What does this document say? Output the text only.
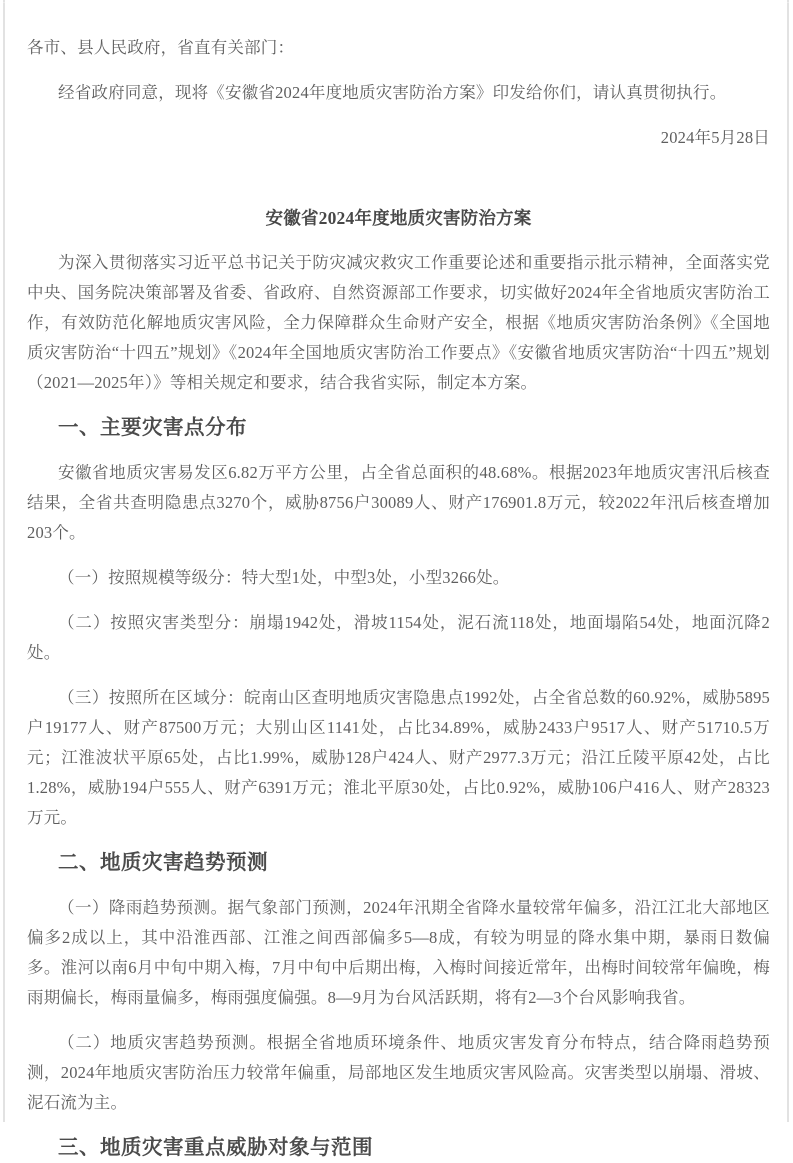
各市、县人民政府，省直有关部门：

经省政府同意，现将《安徽省2024年度地质灾害防治方案》印发给你们，请认真贯彻执行。

2024年5月28日

安徽省2024年度地质灾害防治方案

为深入贯彻落实习近平总书记关于防灾减灾救灾工作重要论述和重要指示批示精神，全面落实党中央、国务院决策部署及省委、省政府、自然资源部工作要求，切实做好2024年全省地质灾害防治工作，有效防范化解地质灾害风险，全力保障群众生命财产安全，根据《地质灾害防治条例》《全国地质灾害防治“十四五”规划》《2024年全国地质灾害防治工作要点》《安徽省地质灾害防治“十四五”规划（2021—2025年）》等相关规定和要求，结合我省实际，制定本方案。

一、主要灾害点分布

安徽省地质灾害易发区6.82万平方公里，占全省总面积的48.68%。根据2023年地质灾害汛后核查结果，全省共查明隐患点3270个，威胁8756户30089人、财产176901.8万元，较2022年汛后核查增加203个。

（一）按照规模等级分：特大型1处，中型3处，小型3266处。

（二）按照灾害类型分：崩塌1942处，滑坡1154处，泥石流118处，地面塌陷54处，地面沉降2处。

（三）按照所在区域分：皖南山区查明地质灾害隐患点1992处，占全省总数的60.92%，威胁5895户19177人、财产87500万元；大别山区1141处，占比34.89%，威胁2433户9517人、财产51710.5万元；江淮波状平原65处，占比1.99%，威胁128户424人、财产2977.3万元；沿江丘陵平原42处，占比1.28%，威胁194户555人、财产6391万元；淮北平原30处，占比0.92%，威胁106户416人、财产28323万元。

二、地质灾害趋势预测

（一）降雨趋势预测。据气象部门预测，2024年汛期全省降水量较常年偏多，沿江江北大部地区偏多2成以上，其中沿淮西部、江淮之间西部偏多5—8成，有较为明显的降水集中期，暴雨日数偏多。淮河以南6月中旬中期入梅，7月中旬中后期出梅，入梅时间接近常年，出梅时间较常年偏晚，梅雨期偏长，梅雨量偏多，梅雨强度偏强。8—9月为台风活跃期，将有2—3个台风影响我省。

（二）地质灾害趋势预测。根据全省地质环境条件、地质灾害发育分布特点，结合降雨趋势预测，2024年地质灾害防治压力较常年偏重，局部地区发生地质灾害风险高。灾害类型以崩塌、滑坡、泥石流为主。

三、地质灾害重点威胁对象与范围
